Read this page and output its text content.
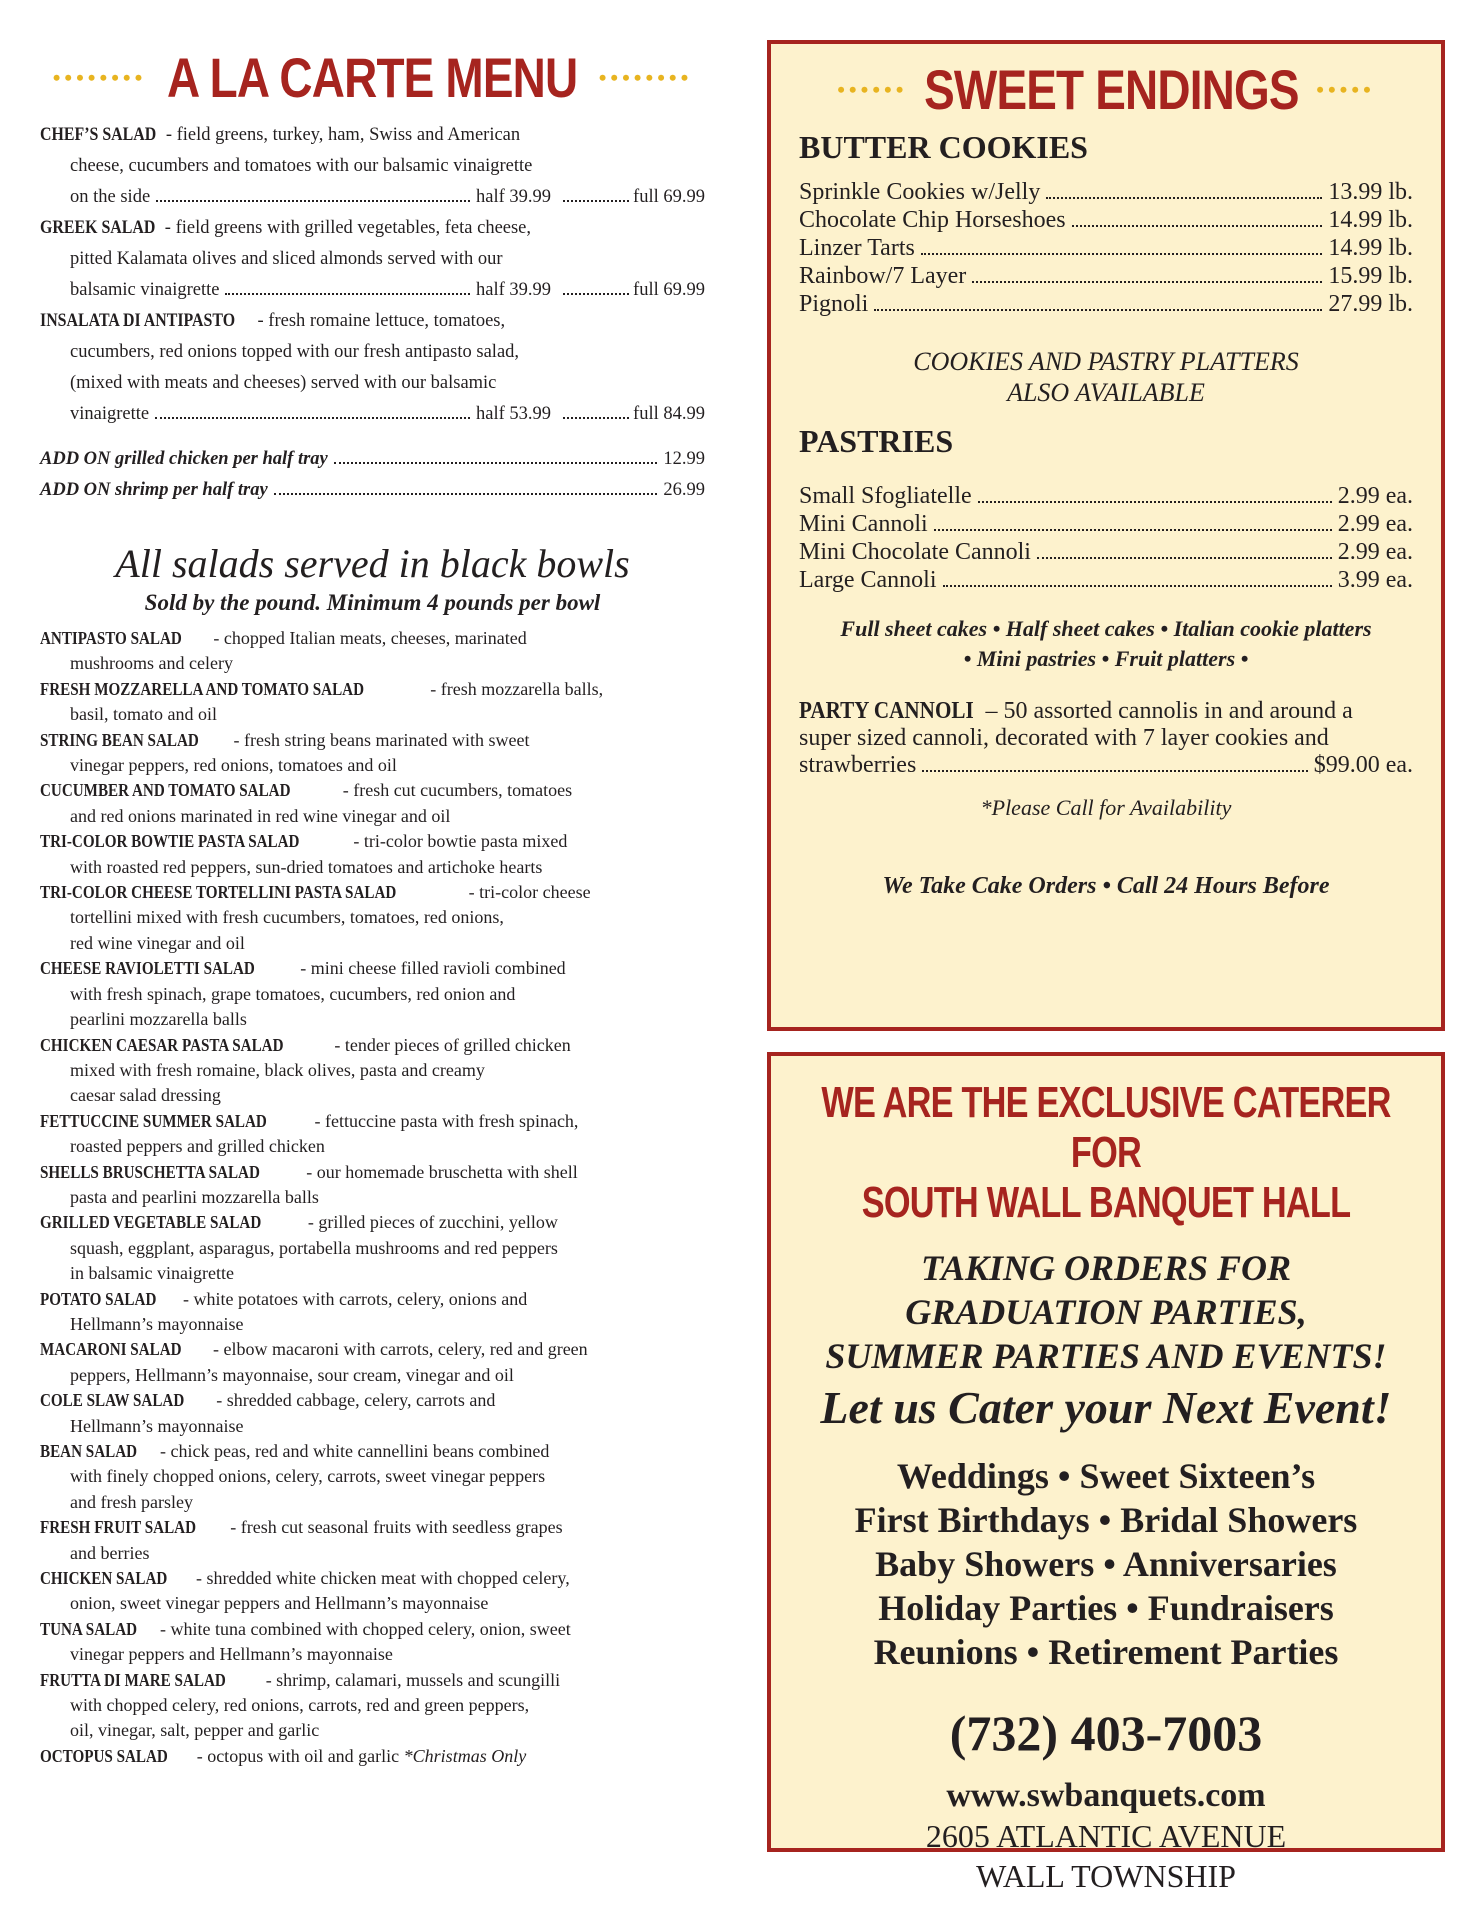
•••••••• A LA CARTE MENU ••••••••
CHEF’S SALAD - field greens, turkey, ham, Swiss and American
cheese, cucumbers and tomatoes with our balsamic vinaigrette
on the side	half 39.99	full 69.99
GREEK SALAD - field greens with grilled vegetables, feta cheese,
pitted Kalamata olives and sliced almonds served with our
balsamic vinaigrette	half 39.99	full 69.99
INSALATA DI ANTIPASTO - fresh romaine lettuce, tomatoes,
cucumbers, red onions topped with our fresh antipasto salad,
(mixed with meats and cheeses) served with our balsamic
vinaigrette	half 53.99	full 84.99
ADD ON grilled chicken per half tray	12.99
ADD ON shrimp per half tray	26.99
All salads served in black bowls
Sold by the pound. Minimum 4 pounds per bowl
ANTIPASTO SALAD - chopped Italian meats, cheeses, marinated
mushrooms and celery
FRESH MOZZARELLA AND TOMATO SALAD	- fresh mozzarella balls,
basil, tomato and oil
STRING BEAN SALAD - fresh string beans marinated with sweet
vinegar peppers, red onions, tomatoes and oil
CUCUMBER AND TOMATO SALAD	- fresh cut cucumbers, tomatoes
and red onions marinated in red wine vinegar and oil
TRI-COLOR BOWTIE PASTA SALAD	- tri-color bowtie pasta mixed
with roasted red peppers, sun-dried tomatoes and artichoke hearts
TRI-COLOR CHEESE TORTELLINI PASTA SALAD	- tri-color cheese
tortellini mixed with fresh cucumbers, tomatoes, red onions,
red wine vinegar and oil
CHEESE RAVIOLETTI SALAD	- mini cheese filled ravioli combined
with fresh spinach, grape tomatoes, cucumbers, red onion and
pearlini mozzarella balls
CHICKEN CAESAR PASTA SALAD	- tender pieces of grilled chicken
mixed with fresh romaine, black olives, pasta and creamy
caesar salad dressing
FETTUCCINE SUMMER SALAD	- fettuccine pasta with fresh spinach,
roasted peppers and grilled chicken
SHELLS BRUSCHETTA SALAD	- our homemade bruschetta with shell
pasta and pearlini mozzarella balls
GRILLED VEGETABLE SALAD	- grilled pieces of zucchini, yellow
squash, eggplant, asparagus, portabella mushrooms and red peppers
in balsamic vinaigrette
POTATO SALAD - white potatoes with carrots, celery, onions and
Hellmann’s mayonnaise
MACARONI SALAD - elbow macaroni with carrots, celery, red and green
peppers, Hellmann’s mayonnaise, sour cream, vinegar and oil
COLE SLAW SALAD - shredded cabbage, celery, carrots and
Hellmann’s mayonnaise
BEAN SALAD - chick peas, red and white cannellini beans combined
with finely chopped onions, celery, carrots, sweet vinegar peppers
and fresh parsley
FRESH FRUIT SALAD - fresh cut seasonal fruits with seedless grapes
and berries
CHICKEN SALAD - shredded white chicken meat with chopped celery,
onion, sweet vinegar peppers and Hellmann’s mayonnaise
TUNA SALAD - white tuna combined with chopped celery, onion, sweet
vinegar peppers and Hellmann’s mayonnaise
FRUTTA DI MARE SALAD - shrimp, calamari, mussels and scungilli
with chopped celery, red onions, carrots, red and green peppers,
oil, vinegar, salt, pepper and garlic
OCTOPUS SALAD - octopus with oil and garlic *Christmas Only
•••••• SWEET ENDINGS •••••
BUTTER COOKIES
Sprinkle Cookies w/Jelly	13.99 lb.
Chocolate Chip Horseshoes	14.99 lb.
Linzer Tarts	14.99 lb.
Rainbow/7 Layer	15.99 lb.
Pignoli	27.99 lb.
COOKIES AND PASTRY PLATTERS
ALSO AVAILABLE
PASTRIES
Small Sfogliatelle	2.99 ea.
Mini Cannoli	2.99 ea.
Mini Chocolate Cannoli	2.99 ea.
Large Cannoli	3.99 ea.
Full sheet cakes • Half sheet cakes • Italian cookie platters
• Mini pastries • Fruit platters •
PARTY CANNOLI – 50 assorted cannolis in and around a
super sized cannoli, decorated with 7 layer cookies and
strawberries	$99.00 ea.
*Please Call for Availability
We Take Cake Orders • Call 24 Hours Before
WE ARE THE EXCLUSIVE CATERER FOR
SOUTH WALL BANQUET HALL
TAKING ORDERS FOR
GRADUATION PARTIES,
SUMMER PARTIES AND EVENTS!
Let us Cater your Next Event!
Weddings • Sweet Sixteen’s
First Birthdays • Bridal Showers
Baby Showers • Anniversaries
Holiday Parties • Fundraisers
Reunions • Retirement Parties
(732) 403-7003
www.swbanquets.com
2605 ATLANTIC AVENUE
WALL TOWNSHIP
